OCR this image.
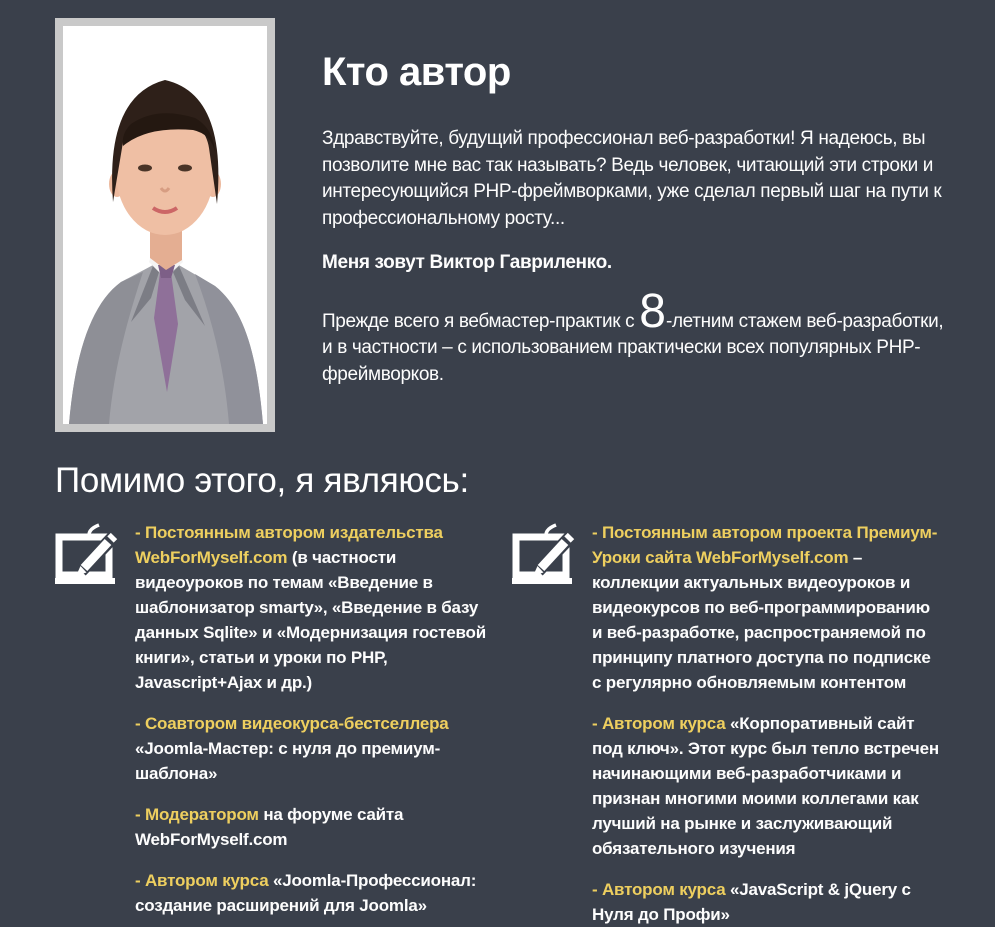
Кто автор

Здравствуйте, будущий профессионал веб-разработки! Я надеюсь, вы позволите мне вас так называть? Ведь человек, читающий эти строки и интересующийся PHP-фреймворками, уже сделал первый шаг на пути к профессиональному росту...

Меня зовут Виктор Гавриленко.

Прежде всего я вебмастер-практик с 8-летним стажем веб-разработки, и в частности – с использованием практически всех популярных PHP-фреймворков.

Помимо этого, я являюсь:

- Постоянным автором издательства WebForMyself.com (в частности видеоуроков по темам «Введение в шаблонизатор smarty», «Введение в базу данных Sqlite» и «Модернизация гостевой книги», статьи и уроки по PHP, Javascript+Ajax и др.)

- Соавтором видеокурса-бестселлера «Joomla-Мастер: с нуля до премиум-шаблона»

- Модератором на форуме сайта WebForMyself.com

- Автором курса «Joomla-Профессионал: создание расширений для Joomla»

- Постоянным автором проекта Премиум-Уроки сайта WebForMyself.com – коллекции актуальных видеоуроков и видеокурсов по веб-программированию и веб-разработке, распространяемой по принципу платного доступа по подписке с регулярно обновляемым контентом

- Автором курса «Корпоративный сайт под ключ». Этот курс был тепло встречен начинающими веб-разработчиками и признан многими моими коллегами как лучший на рынке и заслуживающий обязательного изучения

- Автором курса «JavaScript & jQuery с Нуля до Профи»
